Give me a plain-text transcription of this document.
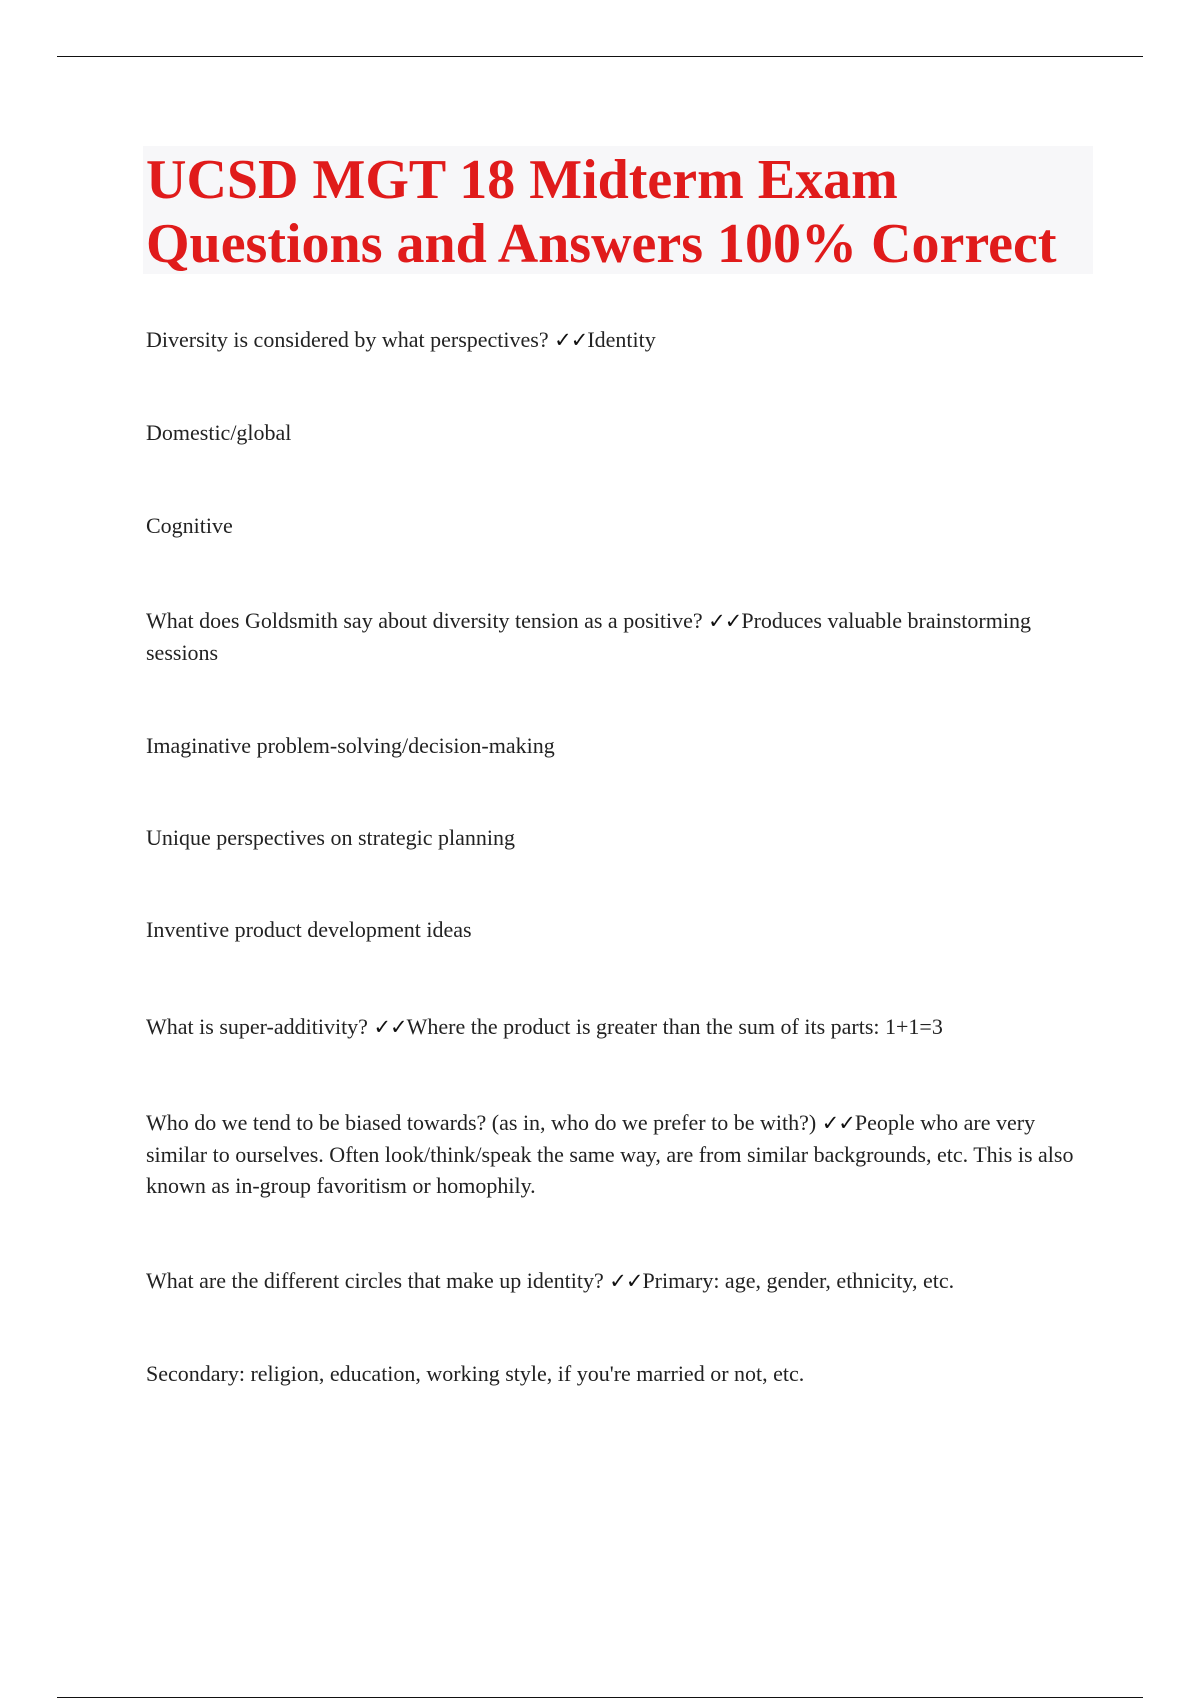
UCSD MGT 18 Midterm Exam
Questions and Answers 100% Correct

Diversity is considered by what perspectives? ✓✓Identity

Domestic/global

Cognitive

What does Goldsmith say about diversity tension as a positive? ✓✓Produces valuable brainstorming sessions

Imaginative problem-solving/decision-making

Unique perspectives on strategic planning

Inventive product development ideas

What is super-additivity? ✓✓Where the product is greater than the sum of its parts: 1+1=3

Who do we tend to be biased towards? (as in, who do we prefer to be with?) ✓✓People who are very similar to ourselves. Often look/think/speak the same way, are from similar backgrounds, etc. This is also known as in-group favoritism or homophily.

What are the different circles that make up identity? ✓✓Primary: age, gender, ethnicity, etc.

Secondary: religion, education, working style, if you're married or not, etc.
